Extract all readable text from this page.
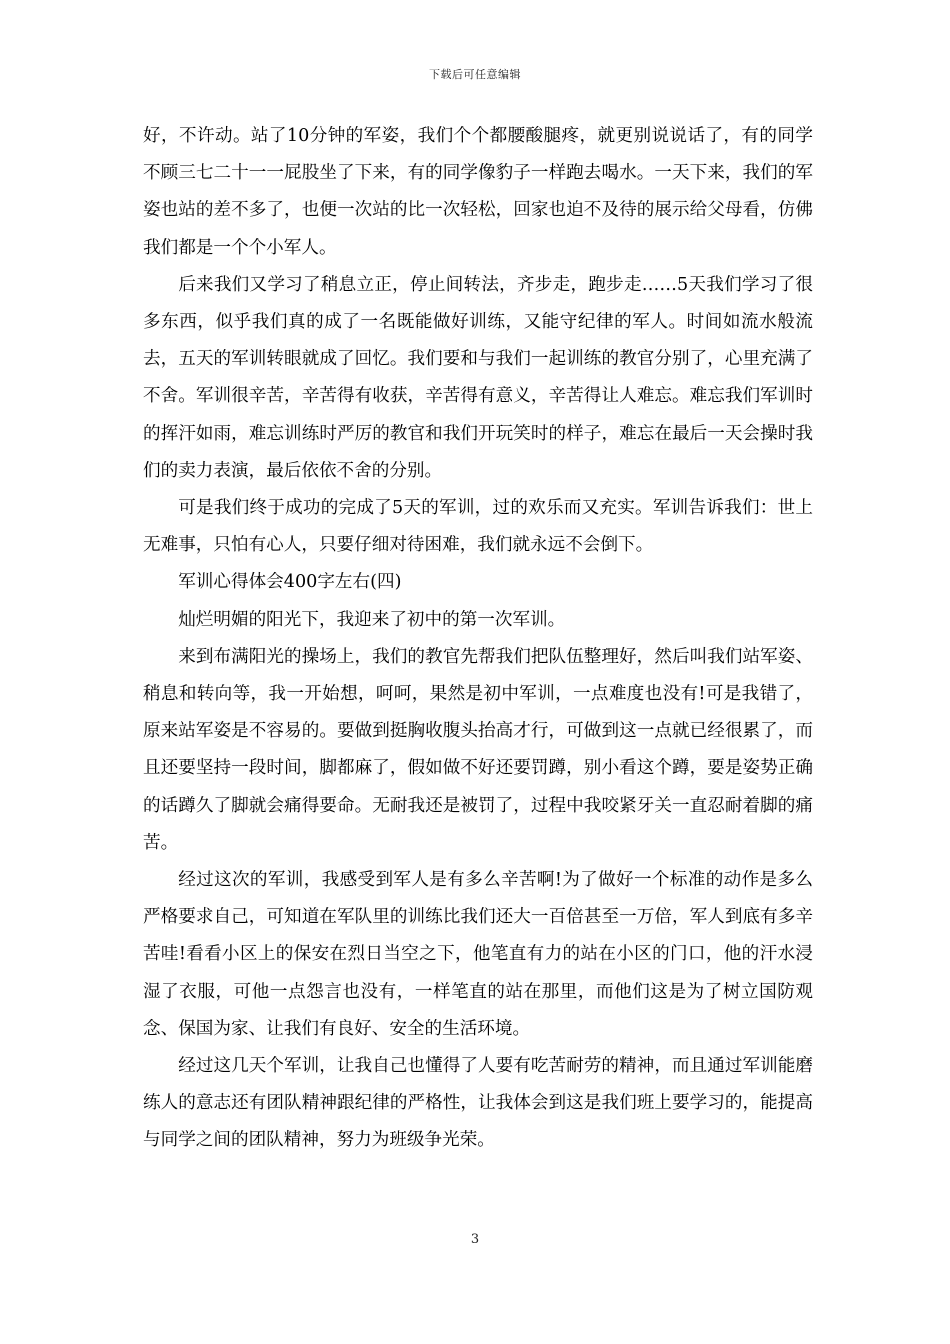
下载后可任意编辑

好，不许动。站了10分钟的军姿，我们个个都腰酸腿疼，就更别说说话了，有的同学不顾三七二十一一屁股坐了下来，有的同学像豹子一样跑去喝水。一天下来，我们的军姿也站的差不多了，也便一次站的比一次轻松，回家也迫不及待的展示给父母看，仿佛我们都是一个个小军人。

后来我们又学习了稍息立正，停止间转法，齐步走，跑步走……5天我们学习了很多东西，似乎我们真的成了一名既能做好训练，又能守纪律的军人。时间如流水般流去，五天的军训转眼就成了回忆。我们要和与我们一起训练的教官分别了，心里充满了不舍。军训很辛苦，辛苦得有收获，辛苦得有意义，辛苦得让人难忘。难忘我们军训时的挥汗如雨，难忘训练时严厉的教官和我们开玩笑时的样子，难忘在最后一天会操时我们的卖力表演，最后依依不舍的分别。

可是我们终于成功的完成了5天的军训，过的欢乐而又充实。军训告诉我们：世上无难事，只怕有心人，只要仔细对待困难，我们就永远不会倒下。

军训心得体会400字左右(四)

灿烂明媚的阳光下，我迎来了初中的第一次军训。

来到布满阳光的操场上，我们的教官先帮我们把队伍整理好，然后叫我们站军姿、稍息和转向等，我一开始想，呵呵，果然是初中军训，一点难度也没有!可是我错了，原来站军姿是不容易的。要做到挺胸收腹头抬高才行，可做到这一点就已经很累了，而且还要坚持一段时间，脚都麻了，假如做不好还要罚蹲，别小看这个蹲，要是姿势正确的话蹲久了脚就会痛得要命。无耐我还是被罚了，过程中我咬紧牙关一直忍耐着脚的痛苦。

经过这次的军训，我感受到军人是有多么辛苦啊!为了做好一个标准的动作是多么严格要求自己，可知道在军队里的训练比我们还大一百倍甚至一万倍，军人到底有多辛苦哇!看看小区上的保安在烈日当空之下，他笔直有力的站在小区的门口，他的汗水浸湿了衣服，可他一点怨言也没有，一样笔直的站在那里，而他们这是为了树立国防观念、保国为家、让我们有良好、安全的生活环境。

经过这几天个军训，让我自己也懂得了人要有吃苦耐劳的精神，而且通过军训能磨练人的意志还有团队精神跟纪律的严格性，让我体会到这是我们班上要学习的，能提高与同学之间的团队精神，努力为班级争光荣。

3
